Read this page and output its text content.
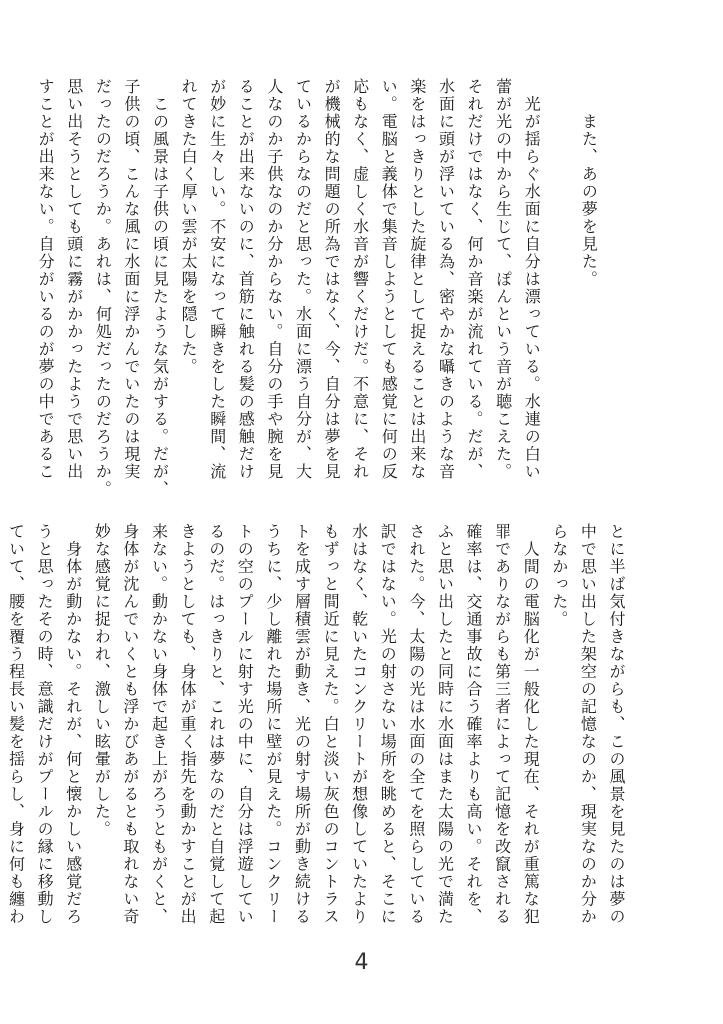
　　また、あの夢を見た。

　光が揺らぐ水面に自分は漂っている。水連の白い

蕾が光の中から生じて、ぽんという音が聴こえた。

それだけではなく、何か音楽が流れている。だが、

水面に頭が浮いている為、密やかな囁きのような音

楽をはっきりとした旋律として捉えることは出来な

い。電脳と義体で集音しようとしても感覚に何の反

応もなく、虚しく水音が響くだけだ。不意に、それ

が機械的な問題の所為ではなく、今、自分は夢を見

ているからなのだと思った。水面に漂う自分が、大

人なのか子供なのか分からない。自分の手や腕を見

ることが出来ないのに、首筋に触れる髪の感触だけ

が妙に生々しい。不安になって瞬きをした瞬間、流

れてきた白く厚い雲が太陽を隠した。

　この風景は子供の頃に見たような気がする。だが、

子供の頃、こんな風に水面に浮かんでいたのは現実

だったのだろうか。あれは、何処だったのだろうか。

思い出そうとしても頭に霧がかかったようで思い出

すことが出来ない。自分がいるのが夢の中であるこ

とに半ば気付きながらも、この風景を見たのは夢の

中で思い出した架空の記憶なのか、現実なのか分か

らなかった。

　人間の電脳化が一般化した現在、それが重篤な犯

罪でありながらも第三者によって記憶を改竄される

確率は、交通事故に合う確率よりも高い。それを、

ふと思い出したと同時に水面はまた太陽の光で満た

された。今、太陽の光は水面の全てを照らしている

訳ではない。光の射さない場所を眺めると、そこに

水はなく、乾いたコンクリートが想像していたより

もずっと間近に見えた。白と淡い灰色のコントラス

トを成す層積雲が動き、光の射す場所が動き続ける

うちに、少し離れた場所に壁が見えた。コンクリー

トの空のプールに射す光の中に、自分は浮遊してい

るのだ。はっきりと、これは夢なのだと自覚して起

きようとしても、身体が重く指先を動かすことが出

来ない。動かない身体で起き上がろうともがくと、

身体が沈んでいくとも浮かびあがるとも取れない奇

妙な感覚に捉われ、激しい眩暈がした。

　身体が動かない。それが、何と懐かしい感覚だろ

うと思ったその時、意識だけがプールの縁に移動し

ていて、腰を覆う程長い髪を揺らし、身に何も纏わ

4
